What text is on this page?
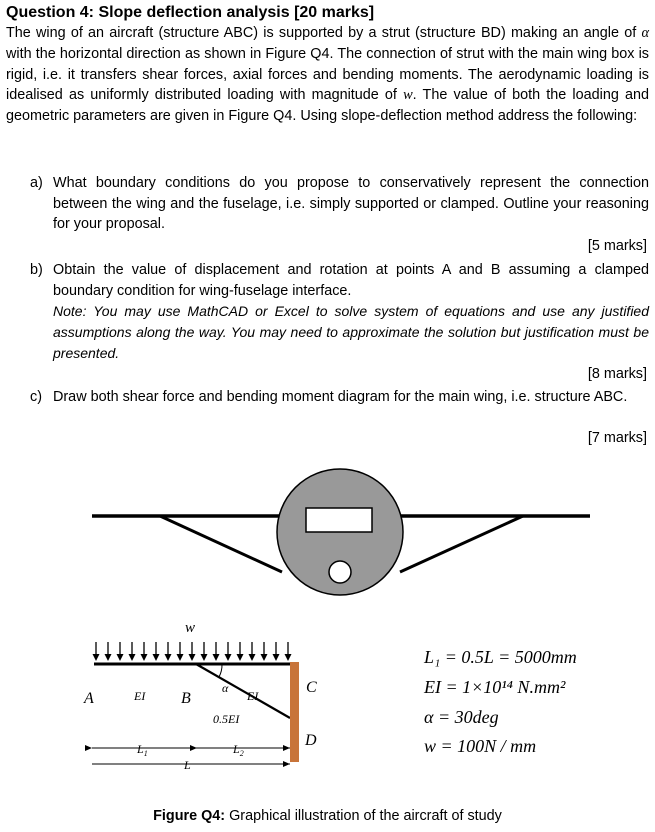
Question 4: Slope deflection analysis [20 marks]
The wing of an aircraft (structure ABC) is supported by a strut (structure BD) making an angle of α with the horizontal direction as shown in Figure Q4. The connection of strut with the main wing box is rigid, i.e. it transfers shear forces, axial forces and bending moments. The aerodynamic loading is idealised as uniformly distributed loading with magnitude of w. The value of both the loading and geometric parameters are given in Figure Q4. Using slope-deflection method address the following:
a) What boundary conditions do you propose to conservatively represent the connection between the wing and the fuselage, i.e. simply supported or clamped. Outline your reasoning for your proposal.
[5 marks]
b) Obtain the value of displacement and rotation at points A and B assuming a clamped boundary condition for wing-fuselage interface.
Note: You may use MathCAD or Excel to solve system of equations and use any justified assumptions along the way. You may need to approximate the solution but justification must be presented.
[8 marks]
c) Draw both shear force and bending moment diagram for the main wing, i.e. structure ABC.
[7 marks]
w
A	B
C
D
EI	EI
α
0.5EI
$L_1$	$L_2$
L
L₁ = 0.5L = 5000mm
EI = 1×10¹⁴ N.mm²
α = 30deg
w = 100N / mm
Figure Q4: Graphical illustration of the aircraft of study
